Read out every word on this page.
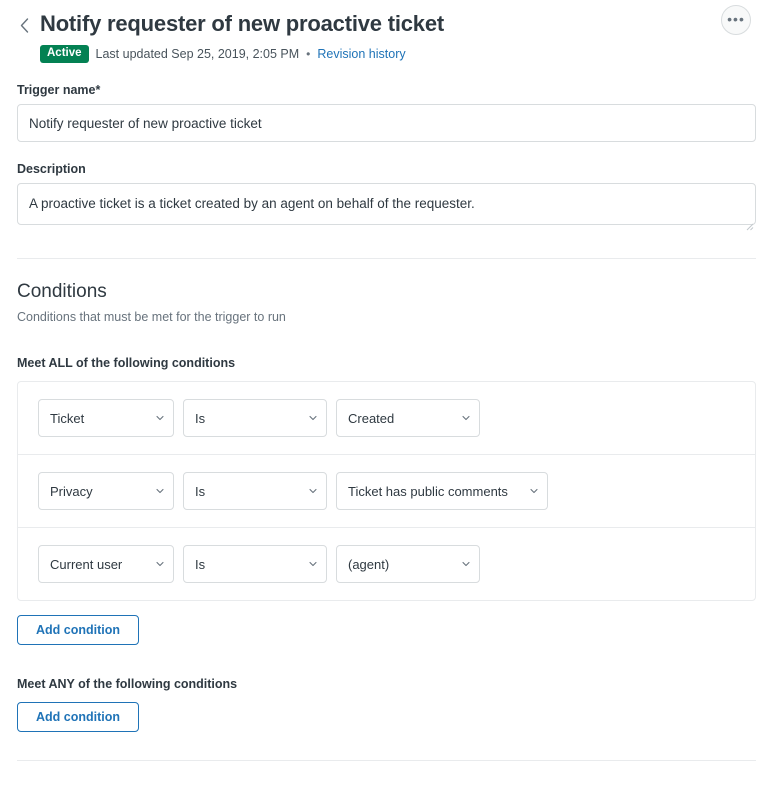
Notify requester of new proactive ticket
Active	Last updated Sep 25, 2019, 2:05 PM • Revision history
•••
Trigger name*
Notify requester of new proactive ticket
Description
A proactive ticket is a ticket created by an agent on behalf of the requester.
Conditions
Conditions that must be met for the trigger to run
Meet ALL of the following conditions
Ticket	Is	Created
Privacy	Is	Ticket has public comments
Current user	Is	(agent)
Add condition
Meet ANY of the following conditions
Add condition
